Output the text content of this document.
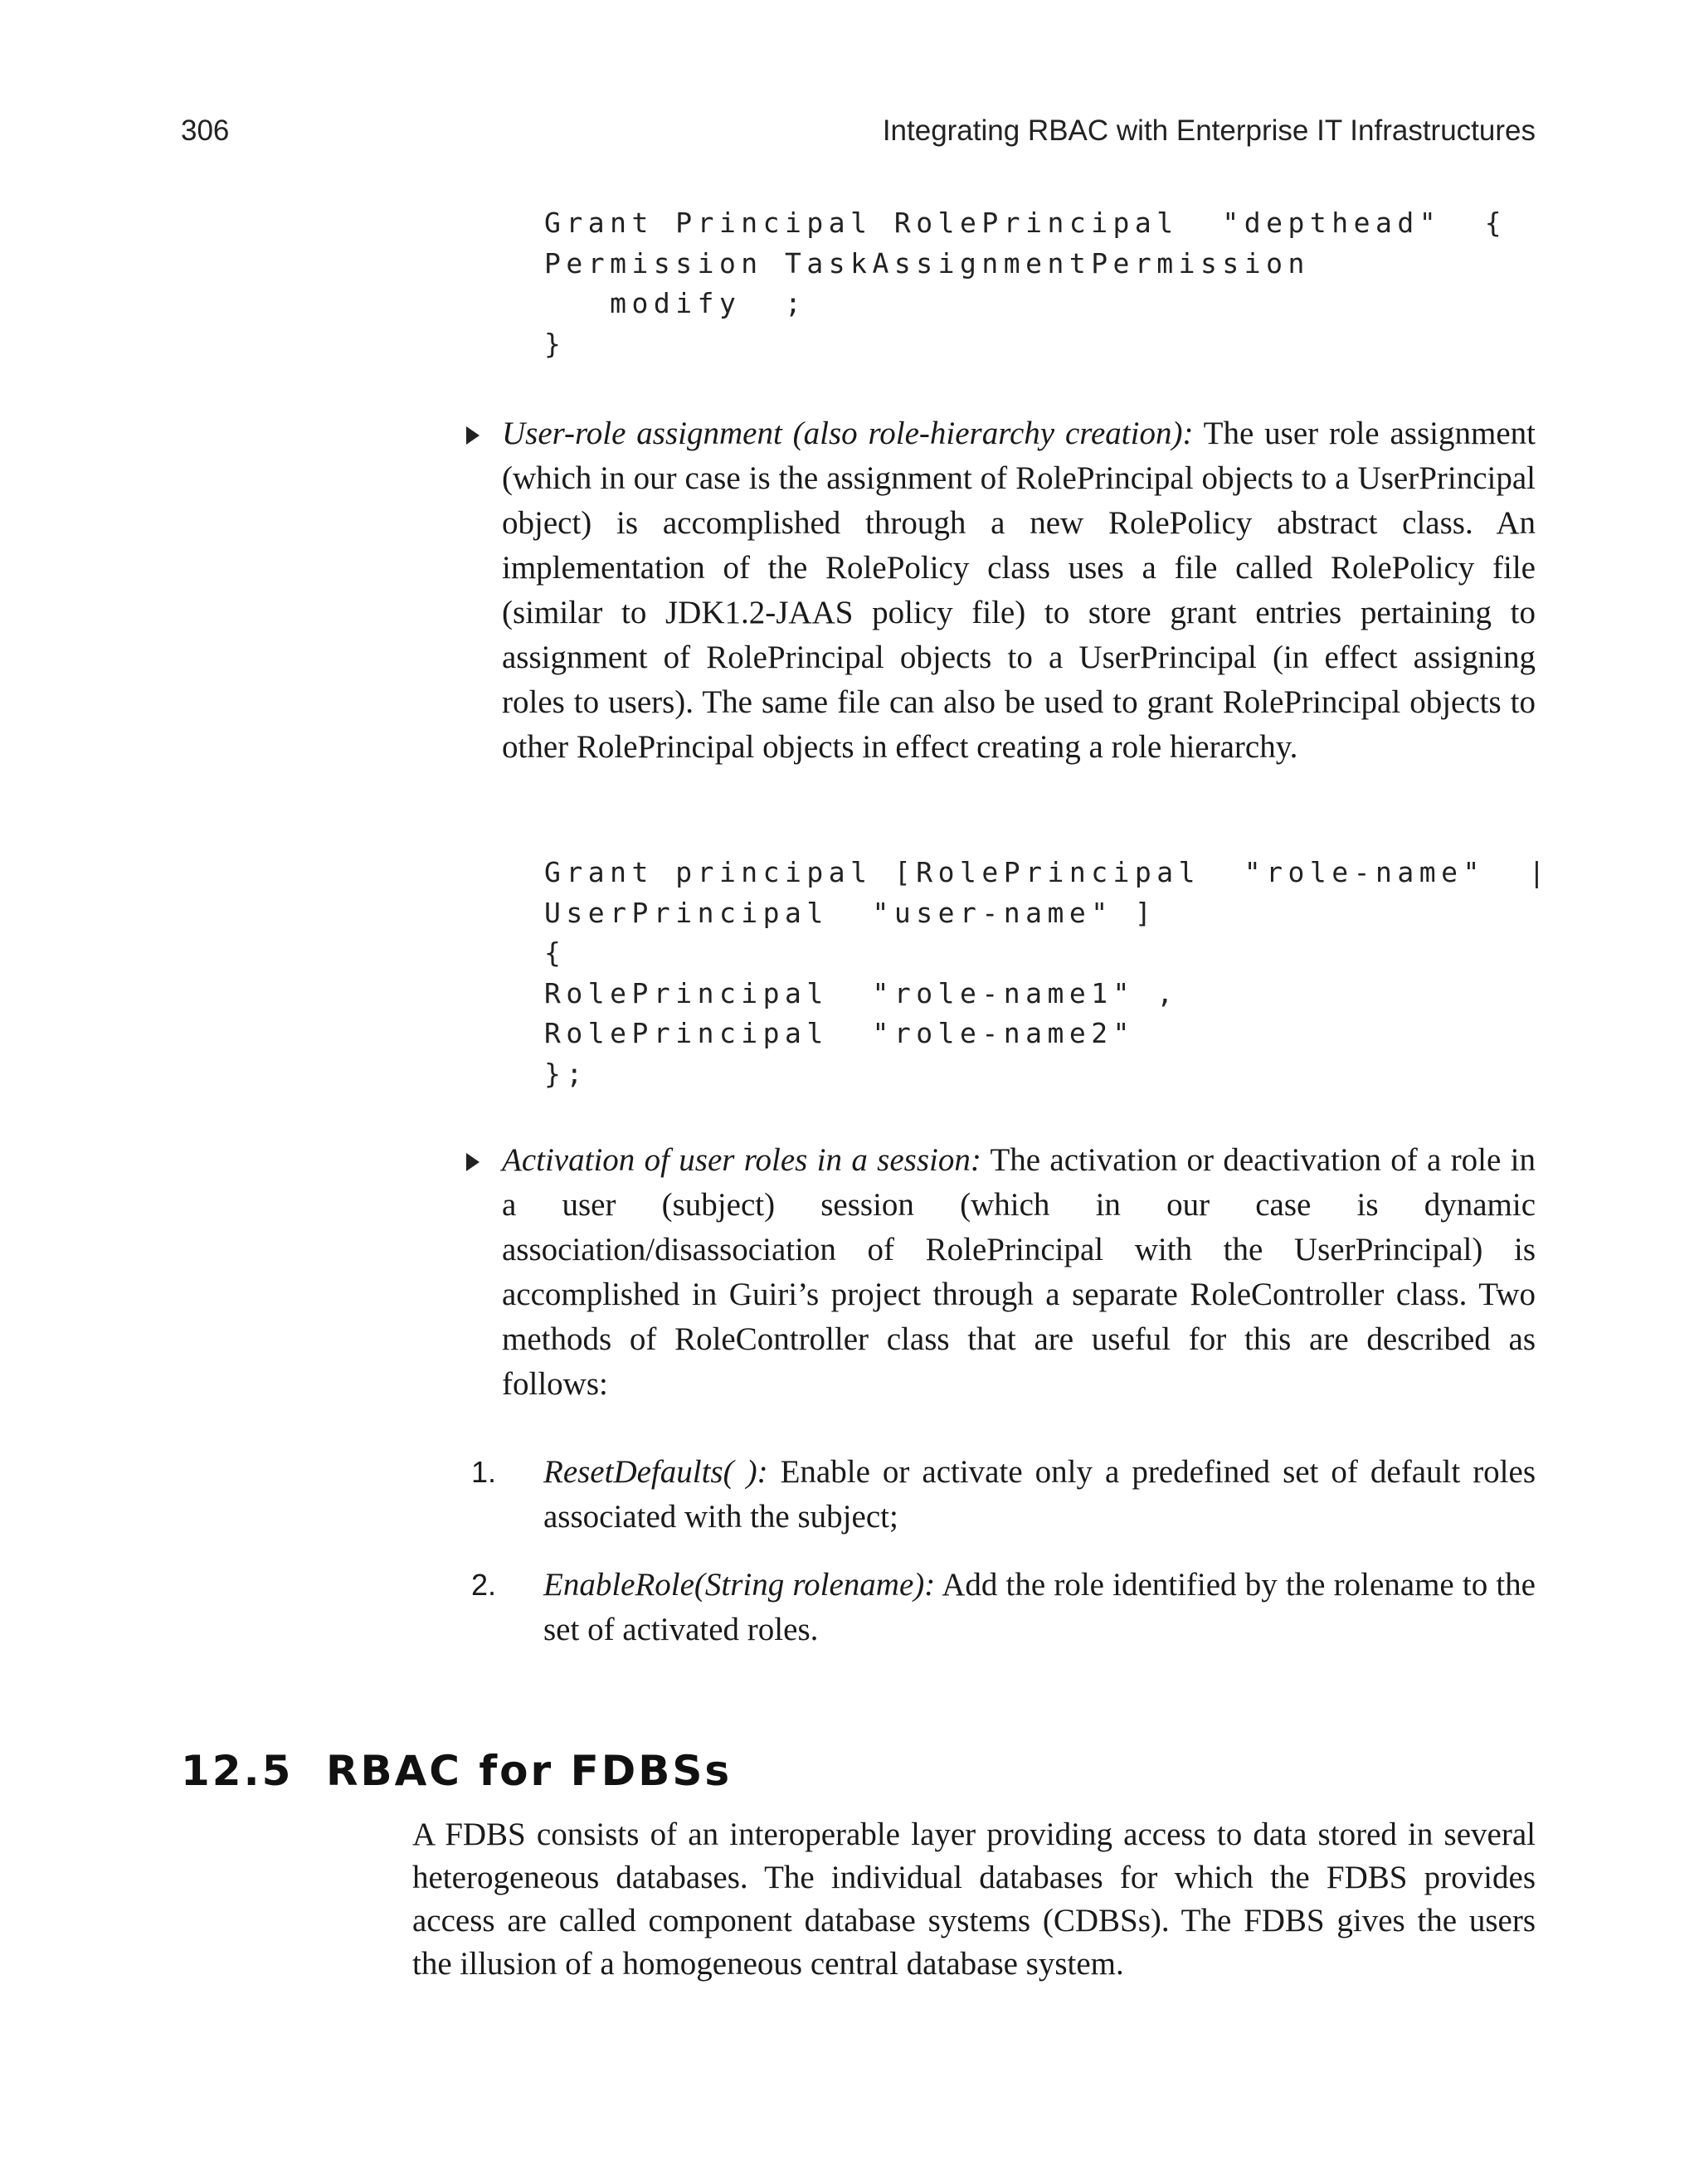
306	Integrating RBAC with Enterprise IT Infrastructures
Grant Principal RolePrincipal  "depthead"  {
Permission TaskAssignmentPermission
modify  ;
}

User-role assignment (also role-hierarchy creation): The user role assignment (which in our case is the assignment of RolePrincipal objects to a UserPrincipal object) is accomplished through a new RolePolicy abstract class. An implementation of the RolePolicy class uses a file called RolePolicy file (similar to JDK1.2-JAAS policy file) to store grant entries pertaining to assignment of RolePrincipal objects to a UserPrincipal (in effect assigning roles to users). The same file can also be used to grant RolePrincipal objects to other RolePrincipal objects in effect creating a role hierarchy.

Grant principal [RolePrincipal  "role-name"  |
UserPrincipal  "user-name" ]
{
RolePrincipal  "role-name1" ,
RolePrincipal  "role-name2"
};

Activation of user roles in a session: The activation or deactivation of a role in a user (subject) session (which in our case is dynamic association/disassociation of RolePrincipal with the UserPrincipal) is accomplished in Guiri’s project through a separate RoleController class. Two methods of RoleController class that are useful for this are described as follows:

1. ResetDefaults( ): Enable or activate only a predefined set of default roles associated with the subject;

2. EnableRole(String rolename): Add the role identified by the rolename to the set of activated roles.

12.5 RBAC for FDBSs

A FDBS consists of an interoperable layer providing access to data stored in several heterogeneous databases. The individual databases for which the FDBS provides access are called component database systems (CDBSs). The FDBS gives the users the illusion of a homogeneous central database system.
